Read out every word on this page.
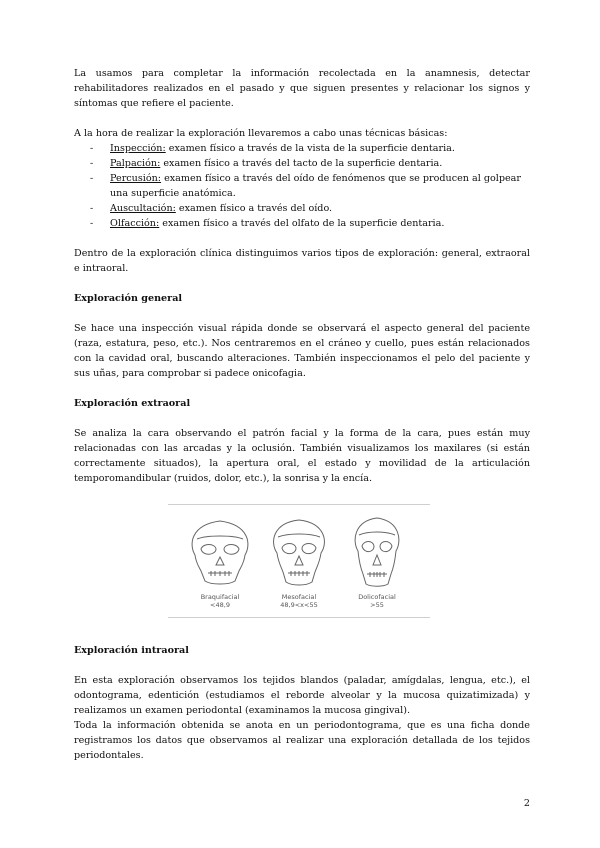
La usamos para completar la información recolectada en la anamnesis, detectar rehabilitadores realizados en el pasado y que siguen presentes y relacionar los signos y síntomas que refiere el paciente.

A la hora de realizar la exploración llevaremos a cabo unas técnicas básicas:

- Inspección: examen físico a través de la vista de la superficie dentaria.
- Palpación: examen físico a través del tacto de la superficie dentaria.
- Percusión: examen físico a través del oído de fenómenos que se producen al golpear una superficie anatómica.
- Auscultación: examen físico a través del oído.
- Olfacción: examen físico a través del olfato de la superficie dentaria.

Dentro de la exploración clínica distinguimos varios tipos de exploración: general, extraoral e intraoral.

Exploración general

Se hace una inspección visual rápida donde se observará el aspecto general del paciente (raza, estatura, peso, etc.). Nos centraremos en el cráneo y cuello, pues están relacionados con la cavidad oral, buscando alteraciones. También inspeccionamos el pelo del paciente y sus uñas, para comprobar si padece onicofagia.

Exploración extraoral

Se analiza la cara observando el patrón facial y la forma de la cara, pues están muy relacionadas con las arcadas y la oclusión. También visualizamos los maxilares (si están correctamente situados), la apertura oral, el estado y movilidad de la articulación temporomandibular (ruidos, dolor, etc.), la sonrisa y la encía.

Exploración intraoral

En esta exploración observamos los tejidos blandos (paladar, amígdalas, lengua, etc.), el odontograma, edentición (estudiamos el reborde alveolar y la mucosa quizatimizada) y realizamos un examen periodontal (examinamos la mucosa gingival).

Toda la información obtenida se anota en un periodontograma, que es una ficha donde registramos los datos que observamos al realizar una exploración detallada de los tejidos periodontales.

Braquifacial
<48,9
Mesofacial
48,9<x<55
Dolicofacial
>55
2
